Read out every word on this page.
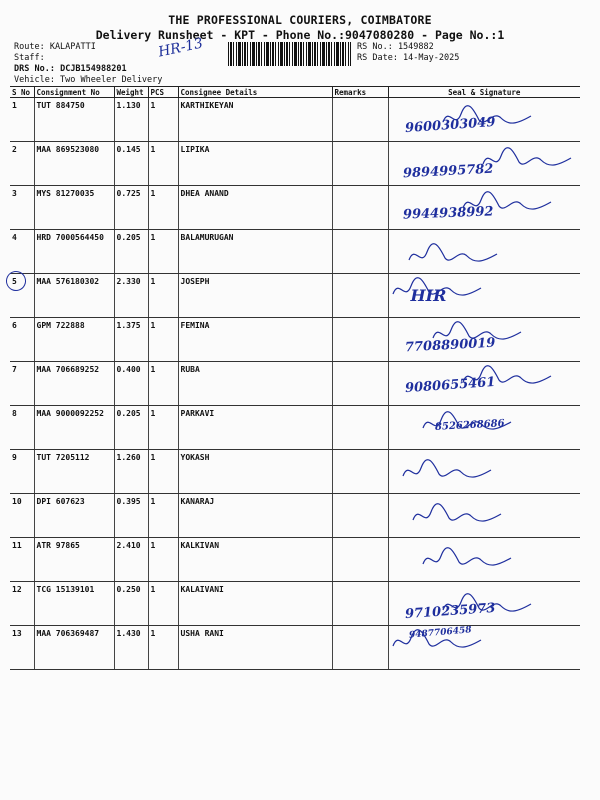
THE PROFESSIONAL COURIERS, COIMBATORE
Delivery Runsheet - KPT - Phone No.:9047080280 - Page No.:1
Route: KALAPATTI
Staff:
DRS No.: DCJB154988201
Vehicle: Two Wheeler Delivery
HR-13	RS No.: 1549882
RS Date: 14-May-2025
S No	Consignment No	Weight	PCS	Consignee Details	Remarks	Seal & Signature
1	TUT 884750	1.130	1	KARTHIKEYAN		9600303049

2	MAA 869523080	0.145	1	LIPIKA		9894995782

3	MYS 81270035	0.725	1	DHEA ANAND		9944938992

4	HRD 7000564450	0.205	1	BALAMURUGAN		

5	MAA 576180302	2.330	1	JOSEPH		HIR

6	GPM 722888	1.375	1	FEMINA		7708890019

7	MAA 706689252	0.400	1	RUBA		9080655461

8	MAA 9000092252	0.205	1	PARKAVI		8526268686

9	TUT 7205112	1.260	1	YOKASH		

10	DPI 607623	0.395	1	KANARAJ		

11	ATR 97865	2.410	1	KALKIVAN		

12	TCG 15139101	0.250	1	KALAIVANI		9710235973

13	MAA 706369487	1.430	1	USHA RANI		9487706458
